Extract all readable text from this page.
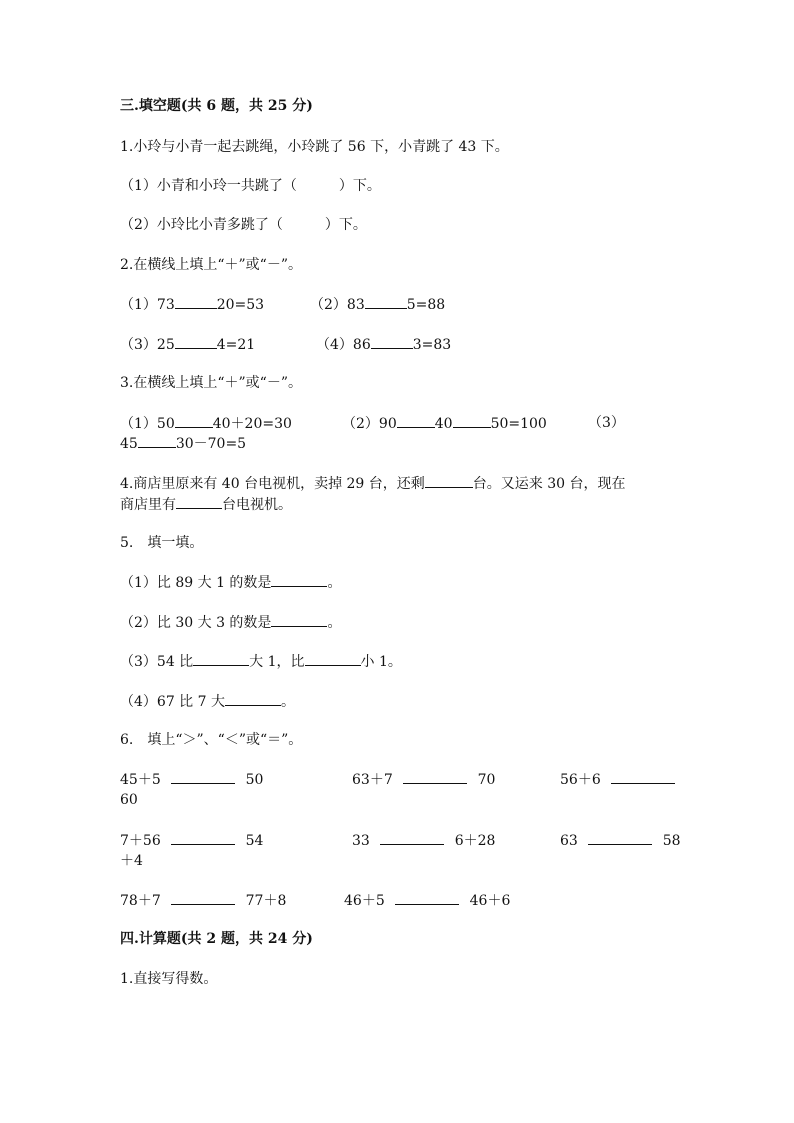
三.填空题(共 6 题，共 25 分)
1.小玲与小青一起去跳绳，小玲跳了 56 下，小青跳了 43 下。
（1）小青和小玲一共跳了（　　　）下。
（2）小玲比小青多跳了（　　　）下。
2.在横线上填上“＋”或“－”。
（1）73	20=53	（2）83	5=88
（3）25	4=21	（4）86	3=83
3.在横线上填上“＋”或“－”。
（1）50	40＋20=30	（2）90	40	50=100	（3）
45	30－70=5
4.商店里原来有 40 台电视机，卖掉 29 台，还剩	台。又运来 30 台，现在
商店里有	台电视机。
5.　填一填。
（1）比 89 大 1 的数是	。
（2）比 30 大 3 的数是	。
（3）54 比	大 1，比	小 1。
（4）67 比 7 大	。
6.　填上“＞”、“＜”或“＝”。
45＋5	50	63＋7	70	56＋6
60
7＋56	54	33	6＋28	63	58
＋4
78＋7	77＋8	46＋5	46＋6
四.计算题(共 2 题，共 24 分)
1.直接写得数。
